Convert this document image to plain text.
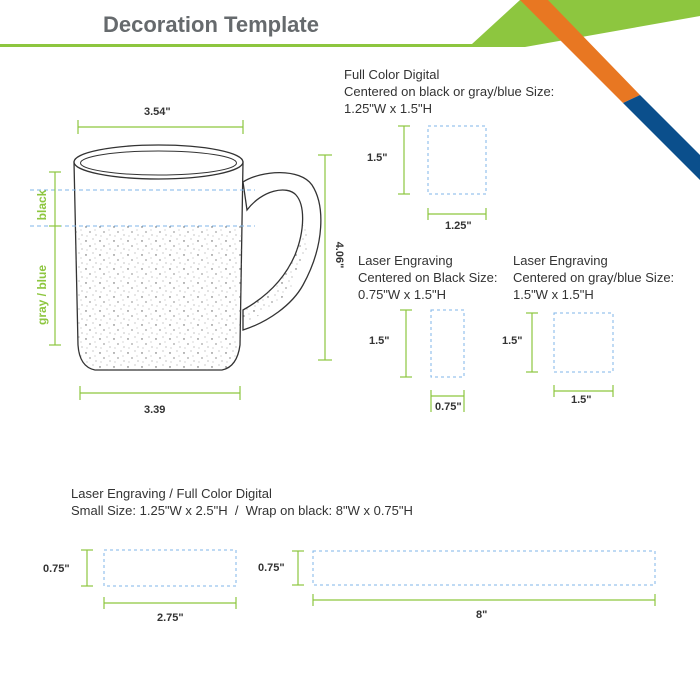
Decoration Template
black
gray / blue
4.06"
3.54"
3.39
Full Color Digital
Centered on black or gray/blue Size:
1.25"W x 1.5"H
Laser Engraving
Centered on Black Size:
0.75"W x 1.5"H
Laser Engraving
Centered on gray/blue Size:
1.5"W x 1.5"H
Laser Engraving / Full Color Digital
Small Size: 1.25"W x 2.5"H  /  Wrap on black: 8"W x 0.75"H
1.5"
1.25"
1.5"
0.75"
1.5"
1.5"
0.75"
2.75"
0.75"
8"
